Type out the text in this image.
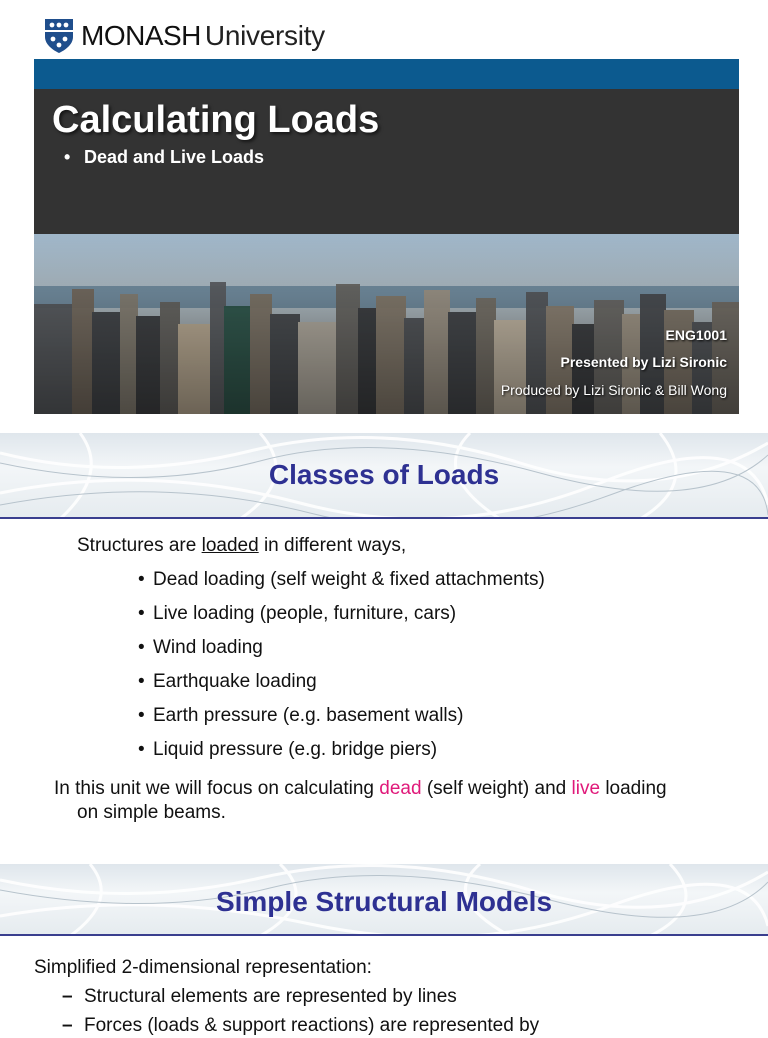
MONASH University
Calculating Loads
• Dead and Live Loads
ENG1001
Presented by Lizi Sironic
Produced by Lizi Sironic & Bill Wong
Classes of Loads
Structures are loaded in different ways,
• Dead loading (self weight & fixed attachments)
• Live loading (people, furniture, cars)
• Wind loading
• Earthquake loading
• Earth pressure (e.g. basement walls)
• Liquid pressure (e.g. bridge piers)
In this unit we will focus on calculating dead (self weight) and live loading
on simple beams.
Simple Structural Models
Simplified 2-dimensional representation:
– Structural elements are represented by lines
– Forces (loads & support reactions) are represented by
